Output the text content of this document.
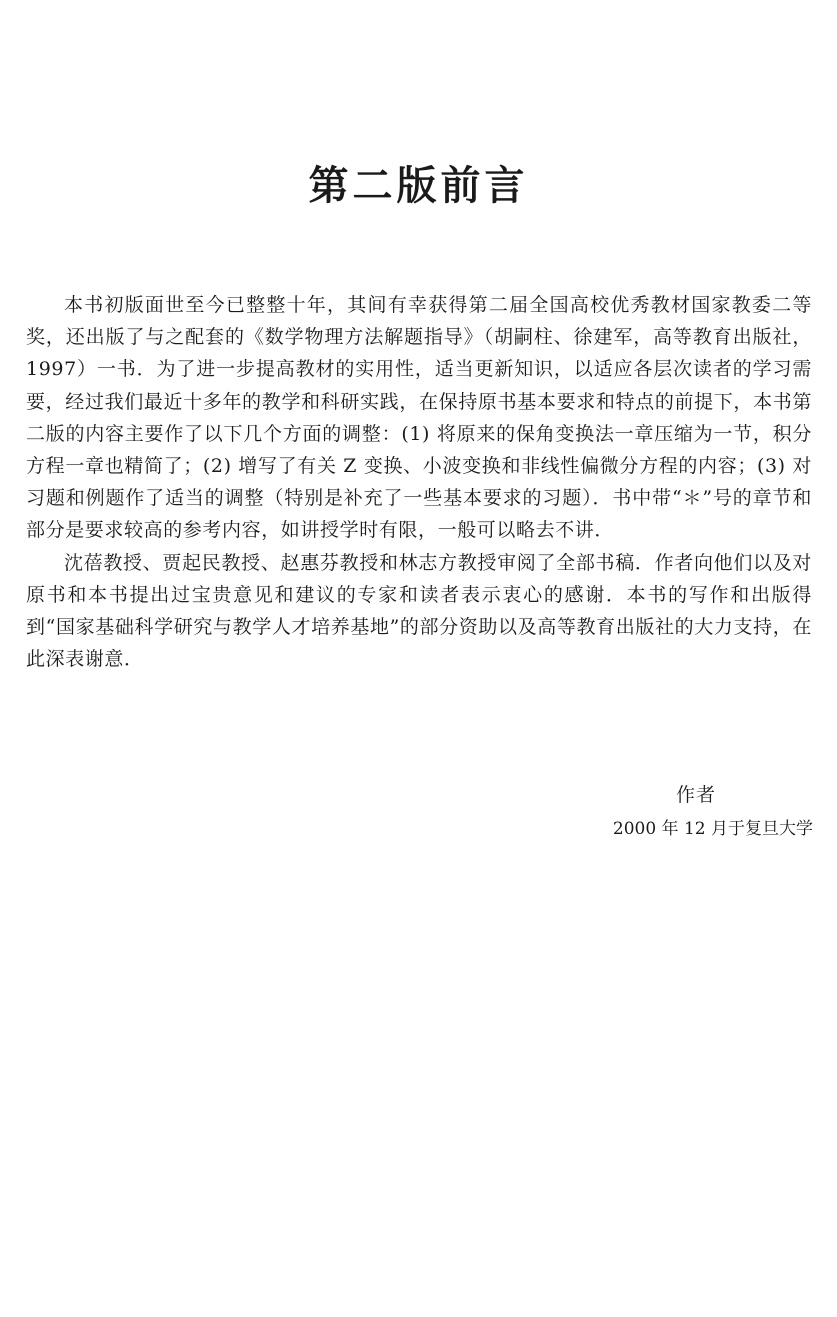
第二版前言

本书初版面世至今已整整十年，其间有幸获得第二届全国高校优秀教材国家教委二等奖，还出版了与之配套的《数学物理方法解题指导》（胡嗣柱、徐建军，高等教育出版社，1997）一书．为了进一步提高教材的实用性，适当更新知识，以适应各层次读者的学习需要，经过我们最近十多年的教学和科研实践，在保持原书基本要求和特点的前提下，本书第二版的内容主要作了以下几个方面的调整：(1) 将原来的保角变换法一章压缩为一节，积分方程一章也精简了；(2) 增写了有关 Z 变换、小波变换和非线性偏微分方程的内容；(3) 对习题和例题作了适当的调整（特别是补充了一些基本要求的习题）．书中带“＊”号的章节和部分是要求较高的参考内容，如讲授学时有限，一般可以略去不讲．

沈蓓教授、贾起民教授、赵惠芬教授和林志方教授审阅了全部书稿．作者向他们以及对原书和本书提出过宝贵意见和建议的专家和读者表示衷心的感谢．本书的写作和出版得到“国家基础科学研究与教学人才培养基地”的部分资助以及高等教育出版社的大力支持，在此深表谢意．

作者
2000 年 12 月于复旦大学
